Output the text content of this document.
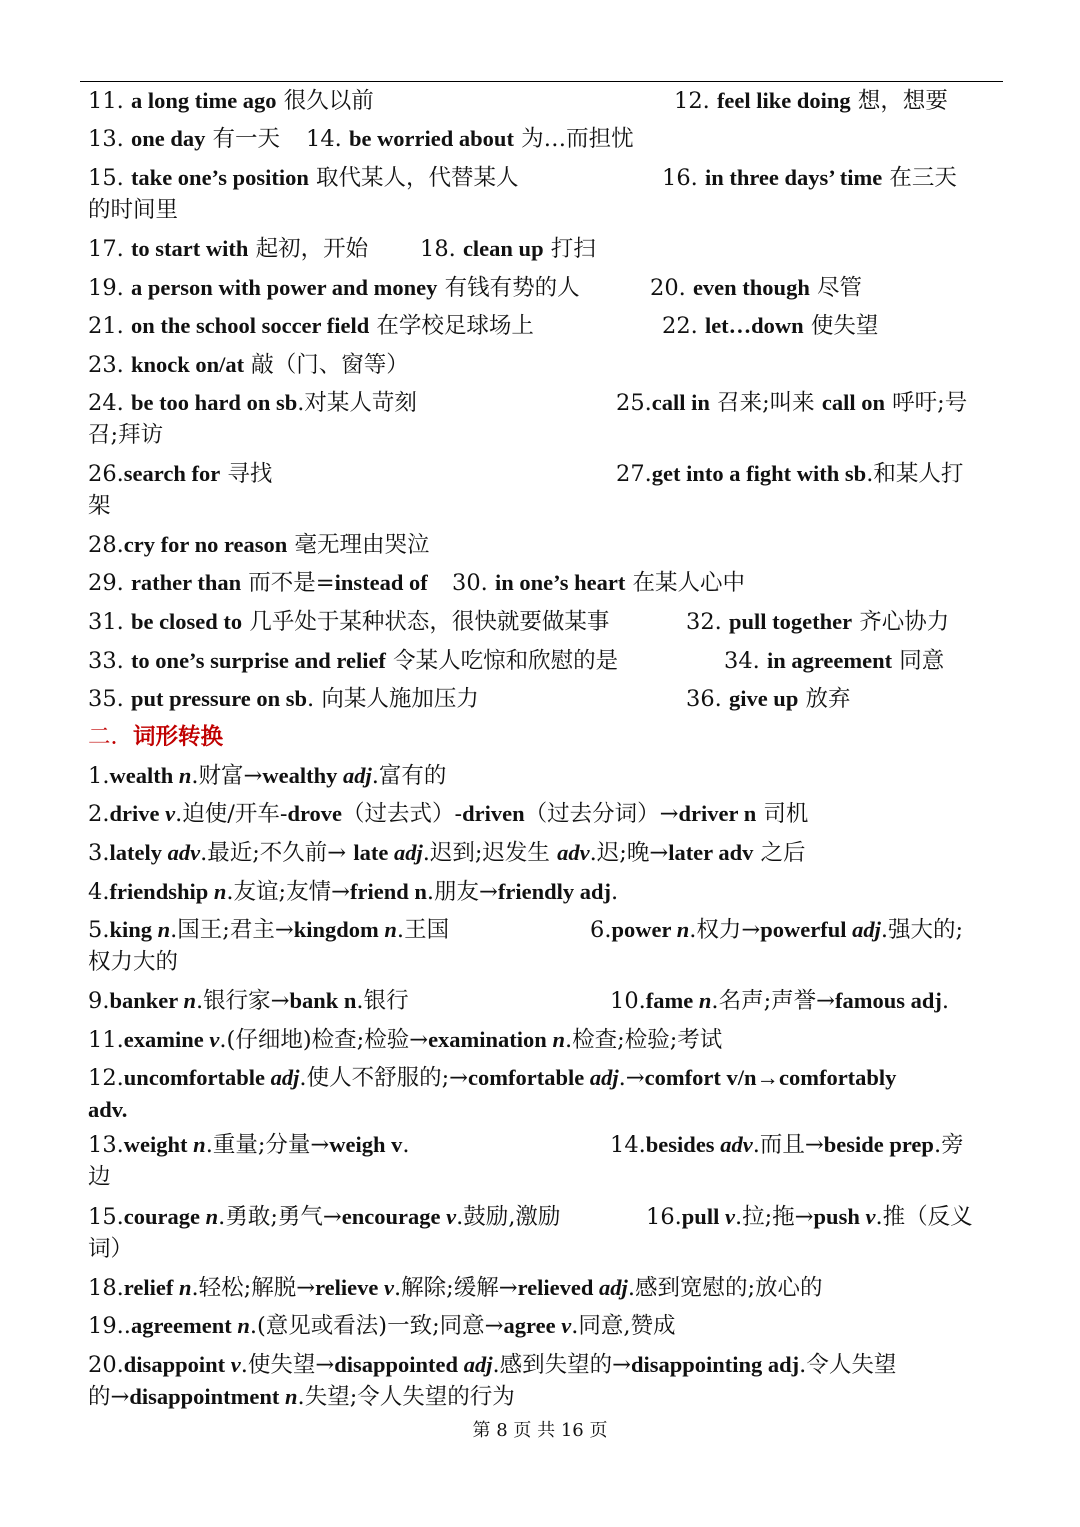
11. a long time ago 很久以前	12. feel like doing 想，想要
13. one day 有一天 14. be worried about 为…而担忧
15. take one’s position 取代某人，代替某人	16. in three days’ time 在三天
的时间里
17. to start with 起初，开始 18. clean up 打扫
19. a person with power and money 有钱有势的人	20. even though 尽管
21. on the school soccer field 在学校足球场上	22. let…down 使失望
23. knock on/at 敲（门、窗等）
24. be too hard on sb.对某人苛刻	25.call in 召来;叫来 call on 呼吁;号
召;拜访
26.search for 寻找	27.get into a fight with sb.和某人打
架
28.cry for no reason 毫无理由哭泣
29. rather than 而不是=instead of 30. in one’s heart 在某人心中
31. be closed to 几乎处于某种状态，很快就要做某事	32. pull together 齐心协力
33. to one’s surprise and relief 令某人吃惊和欣慰的是	34. in agreement 同意
35. put pressure on sb. 向某人施加压力	36. give up 放弃
二．词形转换
1.wealth n.财富→wealthy adj.富有的
2.drive v.迫使/开车-drove（过去式）-driven（过去分词）→driver n 司机
3.lately adv.最近;不久前→ late adj.迟到;迟发生 adv.迟;晚→later adv 之后
4.friendship n.友谊;友情→friend n.朋友→friendly adj.
5.king n.国王;君主→kingdom n.王国	6.power n.权力→powerful adj.强大的;
权力大的
9.banker n.银行家→bank n.银行	10.fame n.名声;声誉→famous adj.
11.examine v.(仔细地)检查;检验→examination n.检查;检验;考试
12.uncomfortable adj.使人不舒服的;→comfortable adj.→comfort v/n→comfortably
adv.
13.weight n.重量;分量→weigh v.	14.besides adv.而且→beside prep.旁
边
15.courage n.勇敢;勇气→encourage v.鼓励,激励	16.pull v.拉;拖→push v.推（反义
词）
18.relief n.轻松;解脱→relieve v.解除;缓解→relieved adj.感到宽慰的;放心的
19..agreement n.(意见或看法)一致;同意→agree v.同意,赞成
20.disappoint v.使失望→disappointed adj.感到失望的→disappointing adj.令人失望
的→disappointment n.失望;令人失望的行为
第 8 页 共 16 页
